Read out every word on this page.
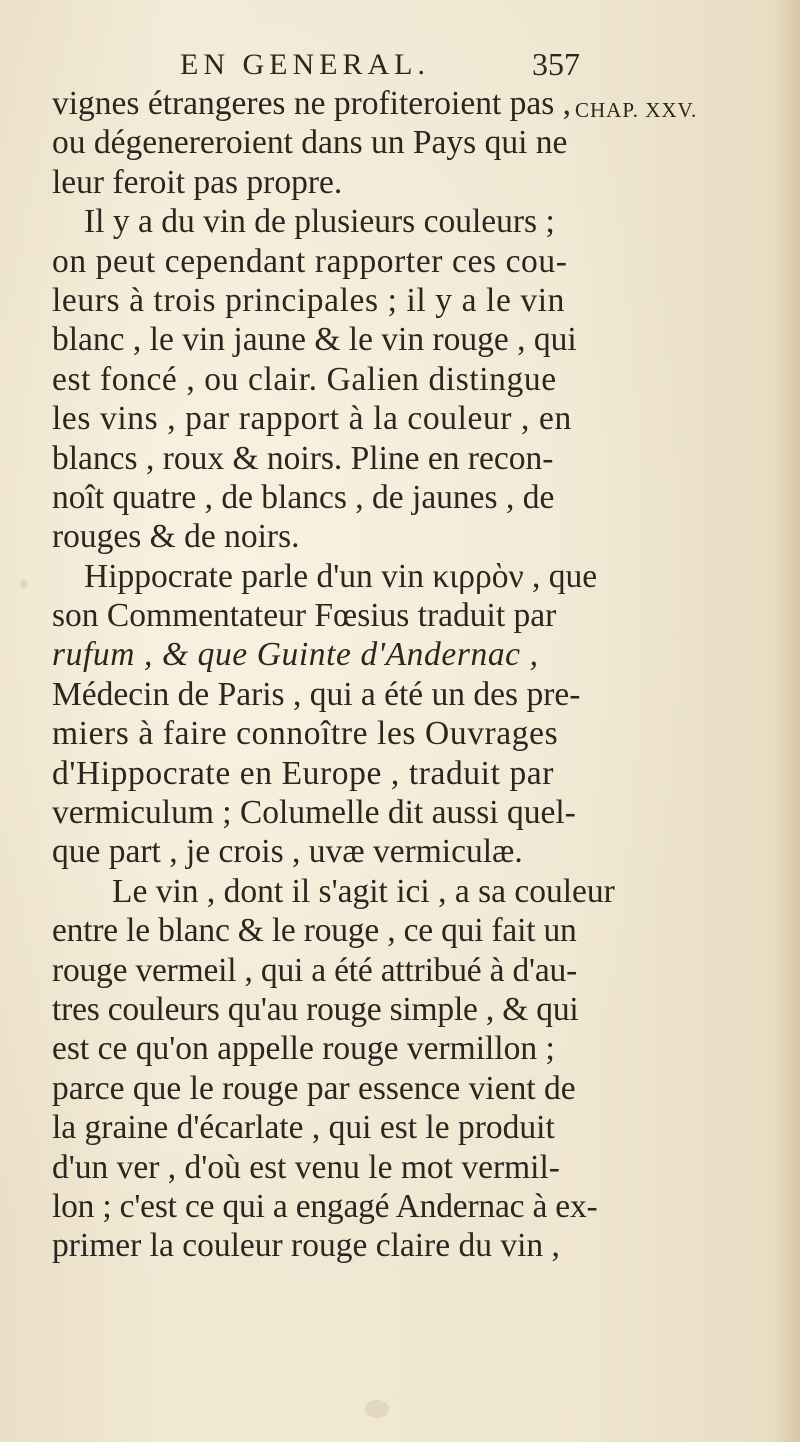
EN GENERAL.	357
CHAP. XXV.
vignes étrangeres ne profiteroient pas ,
ou dégenereroient dans un Pays qui ne
leur feroit pas propre.
Il y a du vin de plusieurs couleurs ;
on peut cependant rapporter ces cou-
leurs à trois principales ; il y a le vin
blanc , le vin jaune & le vin rouge , qui
est foncé , ou clair. Galien distingue
les vins , par rapport à la couleur , en
blancs , roux & noirs. Pline en recon-
noît quatre , de blancs , de jaunes , de
rouges & de noirs.
Hippocrate parle d'un vin κιρρὸν , que
son Commentateur Fœsius traduit par
rufum , & que Guinte d'Andernac ,
Médecin de Paris , qui a été un des pre-
miers à faire connoître les Ouvrages
d'Hippocrate en Europe , traduit par
vermiculum ; Columelle dit aussi quel-
que part , je crois , uvæ vermiculæ.
Le vin , dont il s'agit ici , a sa couleur
entre le blanc & le rouge , ce qui fait un
rouge vermeil , qui a été attribué à d'au-
tres couleurs qu'au rouge simple , & qui
est ce qu'on appelle rouge vermillon ;
parce que le rouge par essence vient de
la graine d'écarlate , qui est le produit
d'un ver , d'où est venu le mot vermil-
lon ; c'est ce qui a engagé Andernac à ex-
primer la couleur rouge claire du vin ,
